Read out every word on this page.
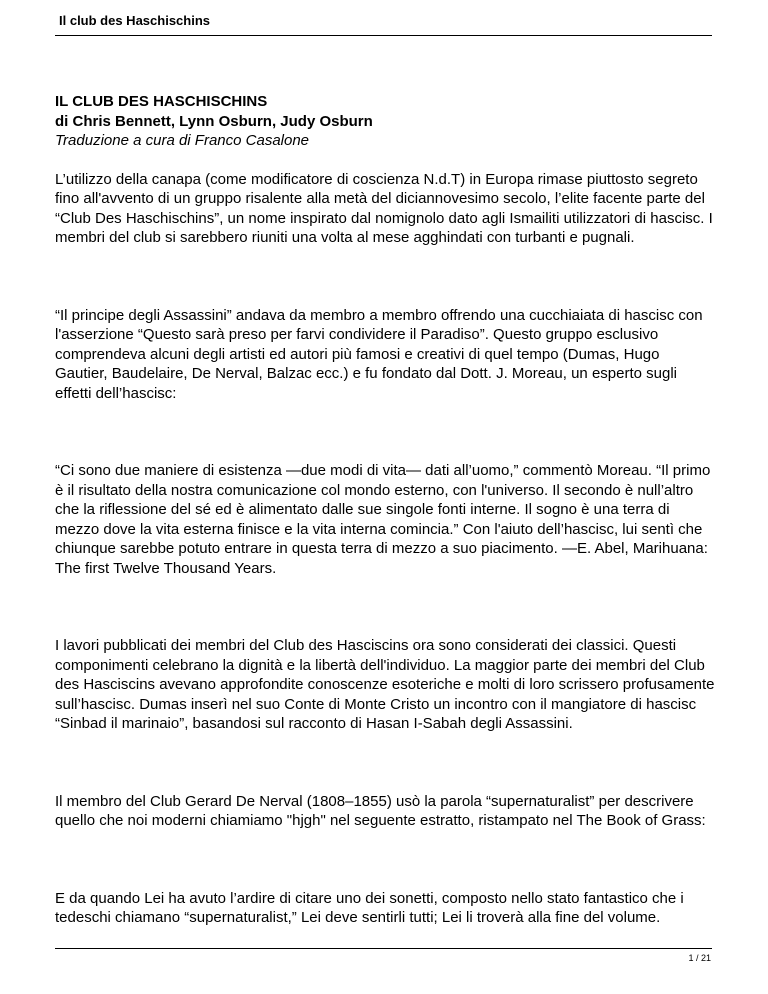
Il club des Haschischins
IL CLUB DES HASCHISCHINS
di Chris Bennett, Lynn Osburn, Judy Osburn
Traduzione a cura di Franco Casalone

L’utilizzo della canapa (come modificatore di coscienza N.d.T) in Europa rimase piuttosto segreto fino all'avvento di un gruppo risalente alla metà del diciannovesimo secolo, l’elite facente parte del “Club Des Haschischins”, un nome inspirato dal nomignolo dato agli Ismailiti utilizzatori di hascisc. I membri del club si sarebbero riuniti una volta al mese agghindati con turbanti e pugnali.

“Il principe degli Assassini” andava da membro a membro offrendo una cucchiaiata di hascisc con l'asserzione “Questo sarà preso per farvi condividere il Paradiso”. Questo gruppo esclusivo comprendeva alcuni degli artisti ed autori più famosi e creativi di quel tempo (Dumas, Hugo Gautier, Baudelaire, De Nerval, Balzac ecc.) e fu fondato dal Dott. J. Moreau, un esperto sugli effetti dell’hascisc:

“Ci sono due maniere di esistenza —due modi di vita— dati all’uomo,” commentò Moreau. “Il primo è il risultato della nostra comunicazione col mondo esterno, con l'universo. Il secondo è null’altro che la riflessione del sé ed è alimentato dalle sue singole fonti interne. Il sogno è una terra di mezzo dove la vita esterna finisce e la vita interna comincia.” Con l'aiuto dell’hascisc, lui sentì che chiunque sarebbe potuto entrare in questa terra di mezzo a suo piacimento. —E. Abel, Marihuana: The first Twelve Thousand Years.

I lavori pubblicati dei membri del Club des Hasciscins ora sono considerati dei classici. Questi componimenti celebrano la dignità e la libertà dell'individuo. La maggior parte dei membri del Club des Hasciscins avevano approfondite conoscenze esoteriche e molti di loro scrissero profusamente sull’hascisc. Dumas inserì nel suo Conte di Monte Cristo un incontro con il mangiatore di hascisc “Sinbad il marinaio”, basandosi sul racconto di Hasan I-Sabah degli Assassini.

Il membro del Club Gerard De Nerval (1808–1855) usò la parola “supernaturalist” per descrivere quello che noi moderni chiamiamo "hjgh" nel seguente estratto, ristampato nel The Book of Grass:

E da quando Lei ha avuto l’ardire di citare uno dei sonetti, composto nello stato fantastico che i tedeschi chiamano “supernaturalist,” Lei deve sentirli tutti; Lei li troverà alla fine del volume.

1 / 21
